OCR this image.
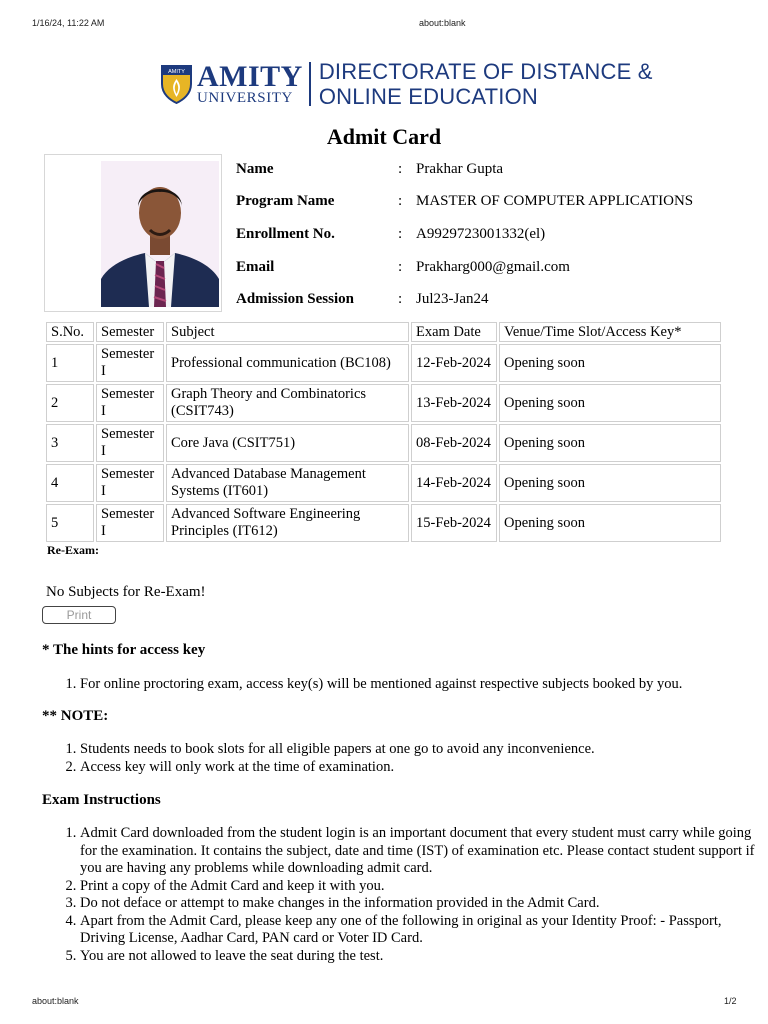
1/16/24, 11:22 AM	about:blank
AMITY AMITY
UNIVERSITY
DIRECTORATE OF DISTANCE &
ONLINE EDUCATION
Admit Card
Name	: Prakhar Gupta
Program Name	: MASTER OF COMPUTER APPLICATIONS
Enrollment No.	: A9929723001332(el)
Email	: Prakharg000@gmail.com
Admission Session	: Jul23-Jan24
S.No.	Semester	Subject	Exam Date	Venue/Time Slot/Access Key*
1	Semester I	Professional communication (BC108)	12-Feb-2024	Opening soon
2	Semester I	Graph Theory and Combinatorics (CSIT743)	13-Feb-2024	Opening soon
3	Semester I	Core Java (CSIT751)	08-Feb-2024	Opening soon
4	Semester I	Advanced Database Management Systems (IT601)	14-Feb-2024	Opening soon
5	Semester I	Advanced Software Engineering Principles (IT612)	15-Feb-2024	Opening soon
Re-Exam:
No Subjects for Re-Exam!
Print
* The hints for access key
1. For online proctoring exam, access key(s) will be mentioned against respective subjects booked by you.
** NOTE:
1. Students needs to book slots for all eligible papers at one go to avoid any inconvenience.
2. Access key will only work at the time of examination.
Exam Instructions
1. Admit Card downloaded from the student login is an important document that every student must carry while going for the examination. It contains the subject, date and time (IST) of examination etc. Please contact student support if you are having any problems while downloading admit card.
2. Print a copy of the Admit Card and keep it with you.
3. Do not deface or attempt to make changes in the information provided in the Admit Card.
4. Apart from the Admit Card, please keep any one of the following in original as your Identity Proof: - Passport, Driving License, Aadhar Card, PAN card or Voter ID Card.
5. You are not allowed to leave the seat during the test.
about:blank	1/2
